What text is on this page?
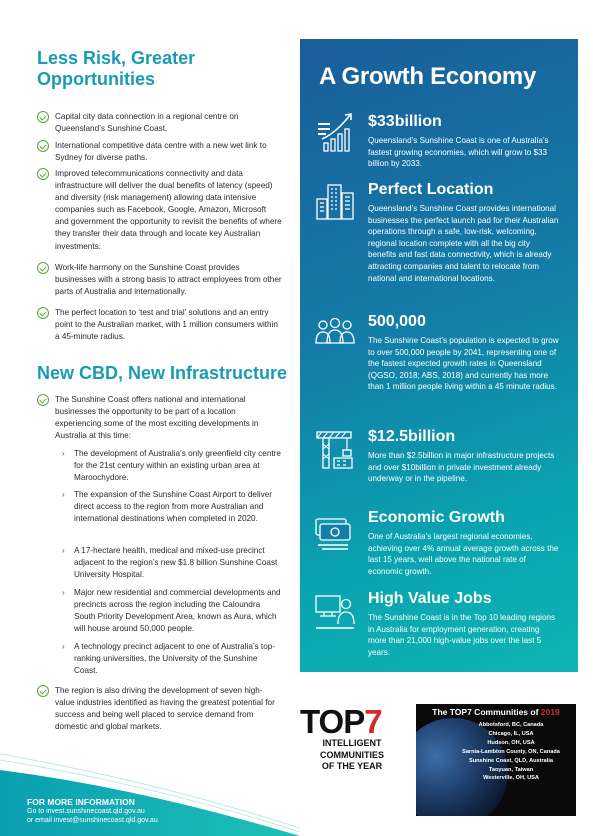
Less Risk, Greater Opportunities
Capital city data connection in a regional centre on Queensland’s Sunshine Coast.
International competitive data centre with a new wet link to Sydney for diverse paths.
Improved telecommunications connectivity and data infrastructure will deliver the dual benefits of latency (speed) and diversity (risk management) allowing data intensive companies such as Facebook, Google, Amazon, Microsoft and government the opportunity to revisit the benefits of where they transfer their data through and locate key Australian investments.
Work-life harmony on the Sunshine Coast provides businesses with a strong basis to attract employees from other parts of Australia and internationally.
The perfect location to ‘test and trial’ solutions and an entry point to the Australian market, with 1 million consumers within a 45-minute radius.
New CBD, New Infrastructure
The Sunshine Coast offers national and international businesses the opportunity to be part of a location experiencing some of the most exciting developments in Australia at this time:
› The development of Australia’s only greenfield city centre for the 21st century within an existing urban area at Maroochydore.
› The expansion of the Sunshine Coast Airport to deliver direct access to the region from more Australian and international destinations when completed in 2020.
› A 17-hectare health, medical and mixed-use precinct adjacent to the region’s new $1.8 billion Sunshine Coast University Hospital.
› Major new residential and commercial developments and precincts across the region including the Caloundra South Priority Development Area, known as Aura, which will house around 50,000 people.
› A technology precinct adjacent to one of Australia’s top-ranking universities, the University of the Sunshine Coast.
The region is also driving the development of seven high-value industries identified as having the greatest potential for success and being well placed to service demand from domestic and global markets.
A Growth Economy
$33billion
Queensland’s Sunshine Coast is one of Australia’s fastest growing economies, which will grow to $33 billion by 2033.
Perfect Location
Queensland’s Sunshine Coast provides international businesses the perfect launch pad for their Australian operations through a safe, low-risk, welcoming, regional location complete with all the big city benefits and fast data connectivity, which is already attracting companies and talent to relocate from national and international locations.
500,000
The Sunshine Coast’s population is expected to grow to over 500,000 people by 2041, representing one of the fastest expected growth rates in Queensland (QGSO, 2018; ABS, 2018) and currently has more than 1 million people living within a 45 minute radius.
$12.5billion
More than $2.5billion in major infrastructure projects and over $10billion in private investment already underway or in the pipeline.
Economic Growth
One of Australia’s largest regional economies, achieving over 4% annual average growth across the last 15 years, well above the national rate of economic growth.
High Value Jobs
The Sunshine Coast is in the Top 10 leading regions in Australia for employment generation, creating more than 21,000 high-value jobs over the last 5 years.
TOP7
INTELLIGENT
COMMUNITIES
OF THE YEAR
The TOP7 Communities of 2019
Abbotsford, BC, Canada
Chicago, IL, USA
Hudson, OH, USA
Sarnia-Lambton County, ON, Canada
Sunshine Coast, QLD, Australia
Taoyuan, Taiwan
Westerville, OH, USA
FOR MORE INFORMATION
Go to invest.sunshinecoast.qld.gov.au
or email invest@sunshinecoast.qld.gov.au
